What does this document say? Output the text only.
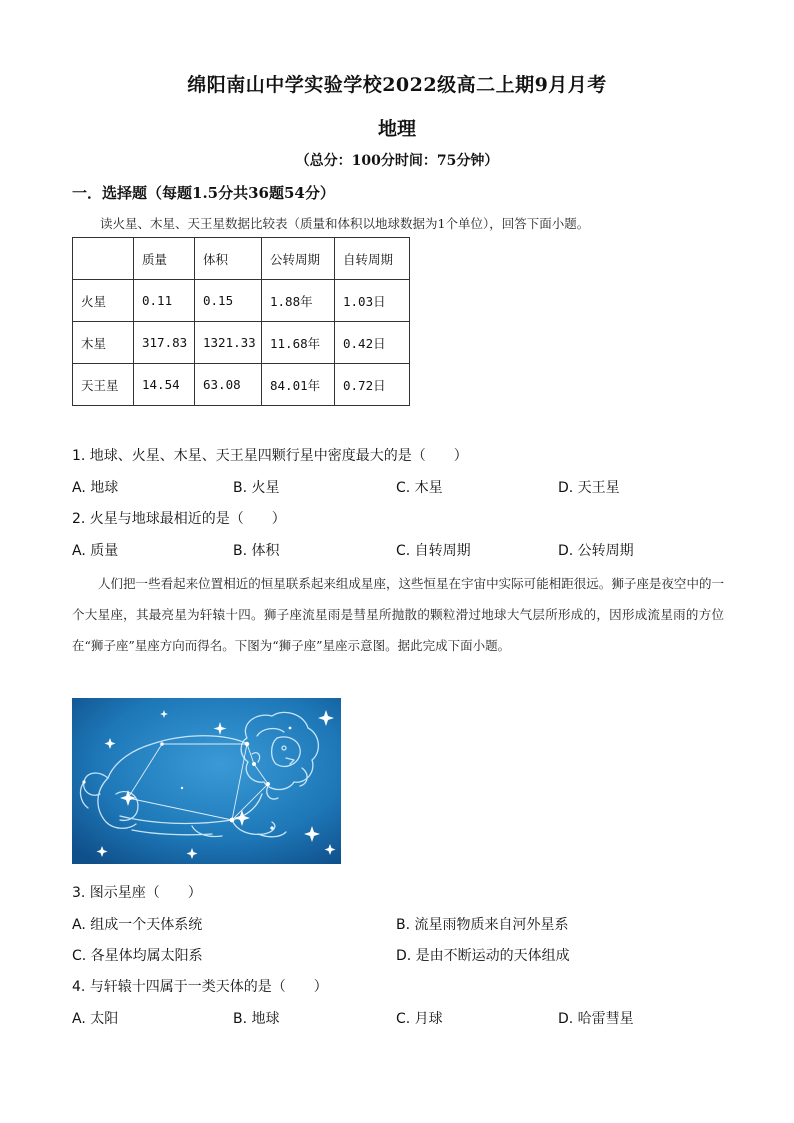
绵阳南山中学实验学校2022级高二上期9月月考
地理
（总分：100分时间：75分钟）
一．选择题（每题1.5分共36题54分）
读火星、木星、天王星数据比较表（质量和体积以地球数据为1个单位），回答下面小题。
	质量	体积	公转周期	自转周期
火星	0.11	0.15	1.88年	1.03日
木星	317.83	1321.33	11.68年	0.42日
天王星	14.54	63.08	84.01年	0.72日
1. 地球、火星、木星、天王星四颗行星中密度最大的是（　　）
A. 地球	B. 火星	C. 木星	D. 天王星
2. 火星与地球最相近的是（　　）
A. 质量	B. 体积	C. 自转周期	D. 公转周期
人们把一些看起来位置相近的恒星联系起来组成星座，这些恒星在宇宙中实际可能相距很远。狮子座是夜空中的一个大星座，其最亮星为轩辕十四。狮子座流星雨是彗星所抛散的颗粒滑过地球大气层所形成的，因形成流星雨的方位在“狮子座”星座方向而得名。下图为“狮子座”星座示意图。据此完成下面小题。
3. 图示星座（　　）
A. 组成一个天体系统	B. 流星雨物质来自河外星系
C. 各星体均属太阳系	D. 是由不断运动的天体组成
4. 与轩辕十四属于一类天体的是（　　）
A. 太阳	B. 地球	C. 月球	D. 哈雷彗星
